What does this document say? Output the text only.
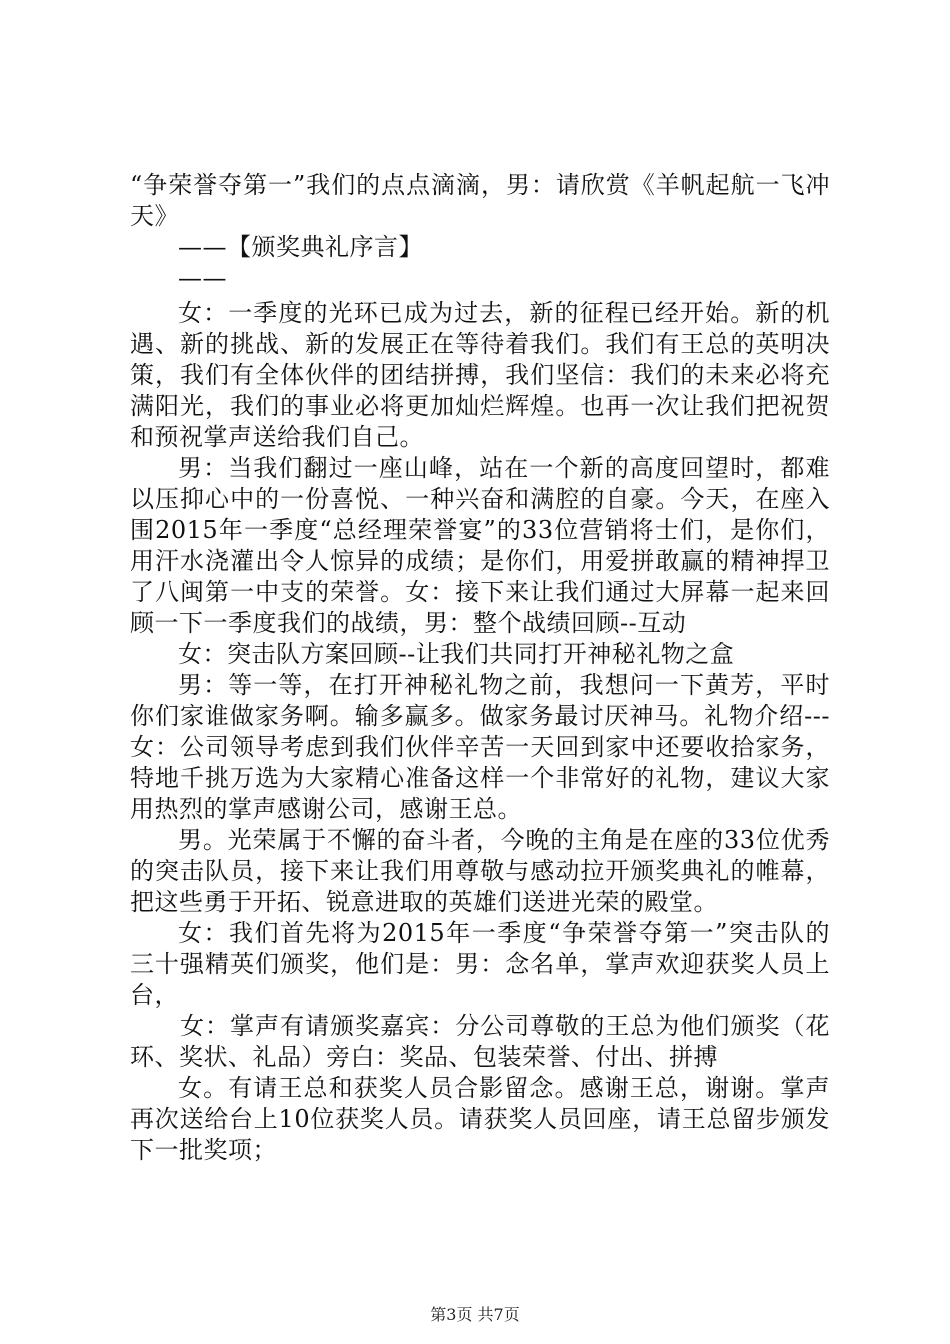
“争荣誉夺第一”我们的点点滴滴，男：请欣赏《羊帆起航一飞冲天》

——【颁奖典礼序言】

——

女：一季度的光环已成为过去，新的征程已经开始。新的机遇、新的挑战、新的发展正在等待着我们。我们有王总的英明决策，我们有全体伙伴的团结拼搏，我们坚信：我们的未来必将充满阳光，我们的事业必将更加灿烂辉煌。也再一次让我们把祝贺和预祝掌声送给我们自己。

男：当我们翻过一座山峰，站在一个新的高度回望时，都难以压抑心中的一份喜悦、一种兴奋和满腔的自豪。今天，在座入围2015年一季度“总经理荣誉宴”的33位营销将士们，是你们，用汗水浇灌出令人惊异的成绩；是你们，用爱拼敢赢的精神捍卫了八闽第一中支的荣誉。女：接下来让我们通过大屏幕一起来回顾一下一季度我们的战绩，男：整个战绩回顾--互动

女：突击队方案回顾--让我们共同打开神秘礼物之盒

男：等一等，在打开神秘礼物之前，我想问一下黄芳，平时你们家谁做家务啊。输多赢多。做家务最讨厌神马。礼物介绍---女：公司领导考虑到我们伙伴辛苦一天回到家中还要收拾家务，特地千挑万选为大家精心准备这样一个非常好的礼物，建议大家用热烈的掌声感谢公司，感谢王总。

男。光荣属于不懈的奋斗者，今晚的主角是在座的33位优秀的突击队员，接下来让我们用尊敬与感动拉开颁奖典礼的帷幕，把这些勇于开拓、锐意进取的英雄们送进光荣的殿堂。

女：我们首先将为2015年一季度“争荣誉夺第一”突击队的三十强精英们颁奖，他们是：男：念名单，掌声欢迎获奖人员上台，

女：掌声有请颁奖嘉宾：分公司尊敬的王总为他们颁奖（花环、奖状、礼品）旁白：奖品、包装荣誉、付出、拼搏

女。有请王总和获奖人员合影留念。感谢王总，谢谢。掌声再次送给台上10位获奖人员。请获奖人员回座，请王总留步颁发下一批奖项；

第3页 共7页
